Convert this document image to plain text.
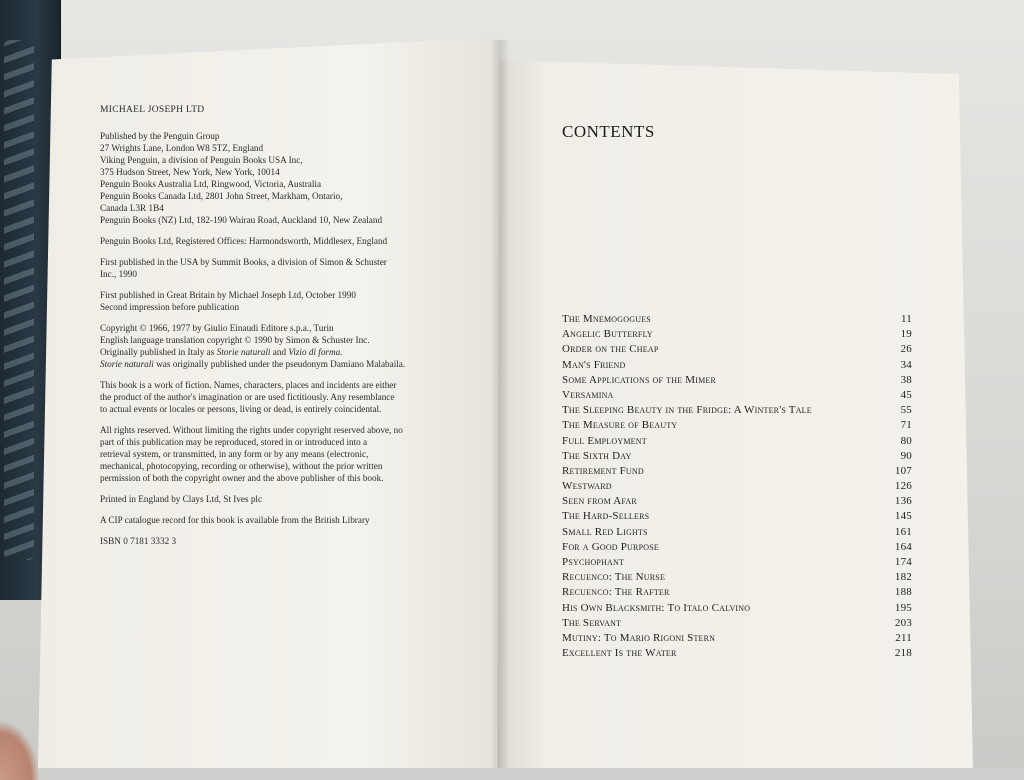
MICHAEL JOSEPH LTD
Published by the Penguin Group
27 Wrights Lane, London W8 5TZ, England
Viking Penguin, a division of Penguin Books USA Inc,
375 Hudson Street, New York, New York, 10014
Penguin Books Australia Ltd, Ringwood, Victoria, Australia
Penguin Books Canada Ltd, 2801 John Street, Markham, Ontario,
Canada L3R 1B4
Penguin Books (NZ) Ltd, 182-190 Wairau Road, Auckland 10, New Zealand
Penguin Books Ltd, Registered Offices: Harmondsworth, Middlesex, England
First published in the USA by Summit Books, a division of Simon & Schuster
Inc., 1990
First published in Great Britain by Michael Joseph Ltd, October 1990
Second impression before publication
Copyright © 1966, 1977 by Giulio Einaudi Editore s.p.a., Turin
English language translation copyright © 1990 by Simon & Schuster Inc.
Originally published in Italy as Storie naturali and Vizio di forma.
Storie naturali was originally published under the pseudonym Damiano Malabaila.
This book is a work of fiction. Names, characters, places and incidents are either
the product of the author's imagination or are used fictitiously. Any resemblance
to actual events or locales or persons, living or dead, is entirely coincidental.
All rights reserved. Without limiting the rights under copyright reserved above, no
part of this publication may be reproduced, stored in or introduced into a
retrieval system, or transmitted, in any form or by any means (electronic,
mechanical, photocopying, recording or otherwise), without the prior written
permission of both the copyright owner and the above publisher of this book.
Printed in England by Clays Ltd, St Ives plc
A CIP catalogue record for this book is available from the British Library
ISBN 0 7181 3332 3
CONTENTS
The Mnemogogues	11
Angelic Butterfly	19
Order on the Cheap	26
Man's Friend	34
Some Applications of the Mimer	38
Versamina	45
The Sleeping Beauty in the Fridge: A Winter's Tale	55
The Measure of Beauty	71
Full Employment	80
The Sixth Day	90
Retirement Fund	107
Westward	126
Seen from Afar	136
The Hard-Sellers	145
Small Red Lights	161
For a Good Purpose	164
Psychophant	174
Recuenco: The Nurse	182
Recuenco: The Rafter	188
His Own Blacksmith: To Italo Calvino	195
The Servant	203
Mutiny: To Mario Rigoni Stern	211
Excellent Is the Water	218
